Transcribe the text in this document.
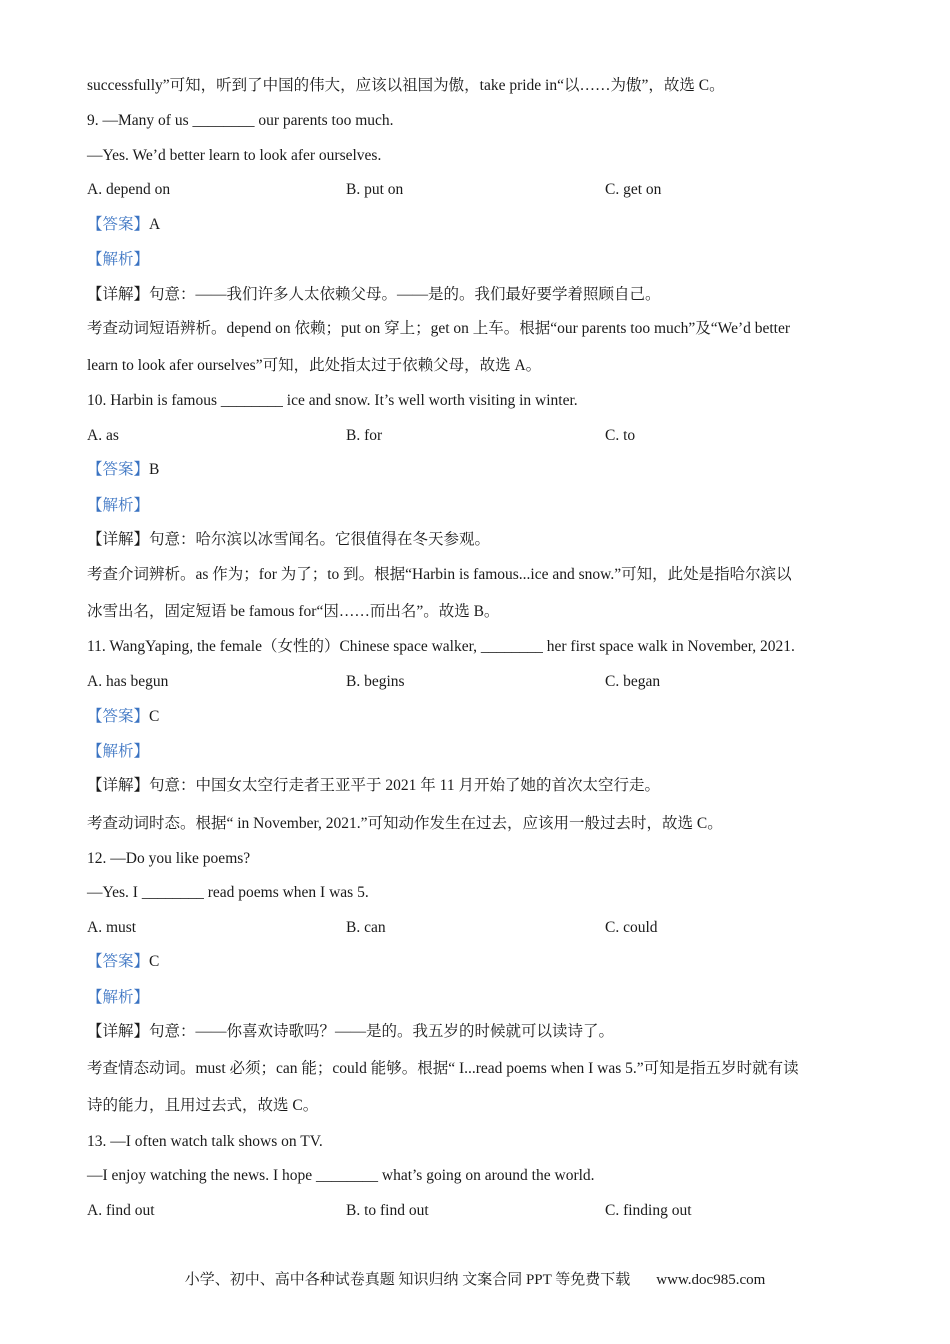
successfully”可知，听到了中国的伟大，应该以祖国为傲，take pride in“以……为傲”，故选 C。
9. —Many of us ________ our parents too much.
—Yes. We’d better learn to look afer ourselves.
A. depend on	B. put on	C. get on
【答案】A
【解析】
【详解】句意：——我们许多人太依赖父母。——是的。我们最好要学着照顾自己。
考查动词短语辨析。depend on 依赖；put on 穿上；get on 上车。根据“our parents too much”及“We’d better
learn to look afer ourselves”可知，此处指太过于依赖父母，故选 A。
10. Harbin is famous ________ ice and snow. It’s well worth visiting in winter.
A. as	B. for	C. to
【答案】B
【解析】
【详解】句意：哈尔滨以冰雪闻名。它很值得在冬天参观。
考查介词辨析。as 作为；for 为了；to 到。根据“Harbin is famous...ice and snow.”可知，此处是指哈尔滨以
冰雪出名，固定短语 be famous for“因……而出名”。故选 B。
11. WangYaping, the female（女性的）Chinese space walker, ________ her first space walk in November, 2021.
A. has begun	B. begins	C. began
【答案】C
【解析】
【详解】句意：中国女太空行走者王亚平于 2021 年 11 月开始了她的首次太空行走。
考查动词时态。根据“ in November, 2021.”可知动作发生在过去，应该用一般过去时，故选 C。
12. —Do you like poems?
—Yes. I ________ read poems when I was 5.
A. must	B. can	C. could
【答案】C
【解析】
【详解】句意：——你喜欢诗歌吗？——是的。我五岁的时候就可以读诗了。
考查情态动词。must 必须；can 能；could 能够。根据“ I...read poems when I was 5.”可知是指五岁时就有读
诗的能力，且用过去式，故选 C。
13. —I often watch talk shows on TV.
—I enjoy watching the news. I hope ________ what’s going on around the world.
A. find out	B. to find out	C. finding out
小学、初中、高中各种试卷真题 知识归纳 文案合同 PPT 等免费下载 www.doc985.com
